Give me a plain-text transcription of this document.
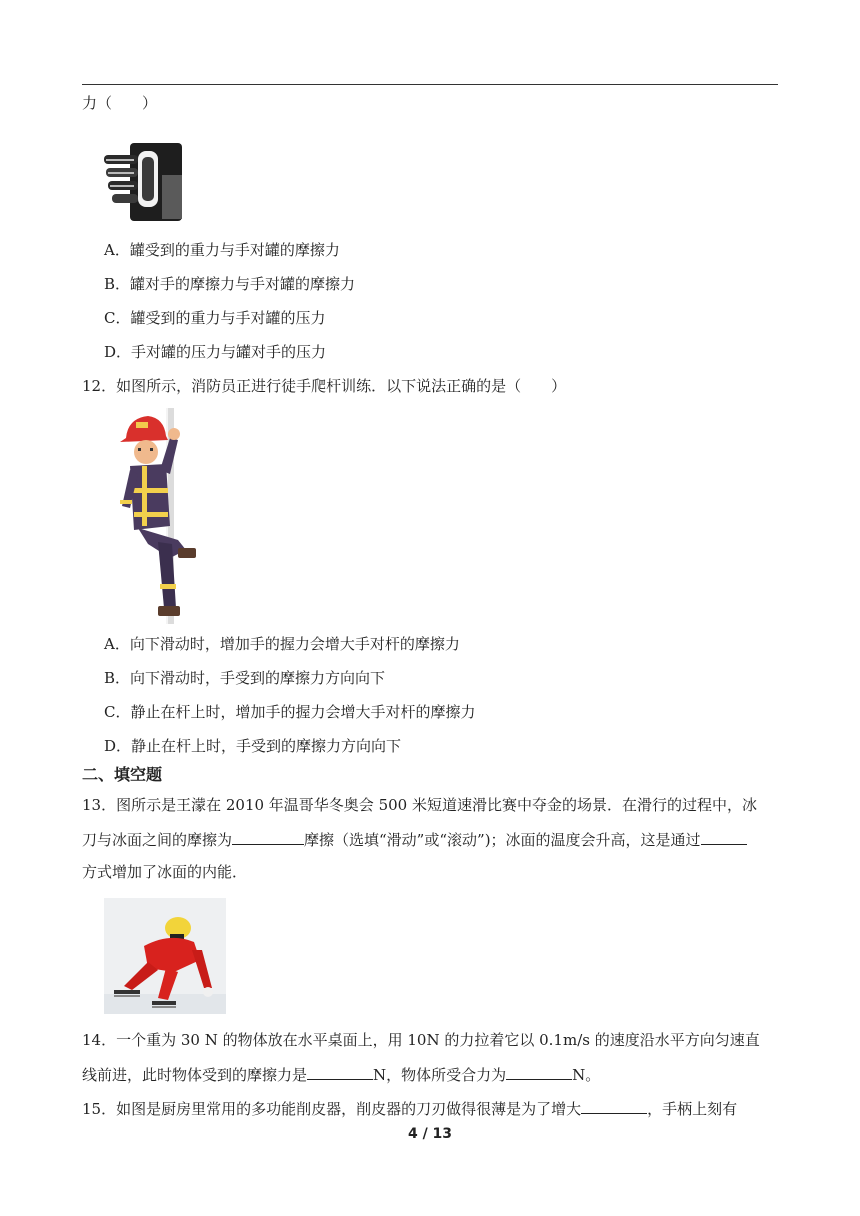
力（　　）
A．罐受到的重力与手对罐的摩擦力
B．罐对手的摩擦力与手对罐的摩擦力
C．罐受到的重力与手对罐的压力
D．手对罐的压力与罐对手的压力
12．如图所示，消防员正进行徒手爬杆训练．以下说法正确的是（　　）
A．向下滑动时，增加手的握力会增大手对杆的摩擦力
B．向下滑动时，手受到的摩擦力方向向下
C．静止在杆上时，增加手的握力会增大手对杆的摩擦力
D．静止在杆上时，手受到的摩擦力方向向下
二、填空题
13．图所示是王濛在 2010 年温哥华冬奥会 500 米短道速滑比赛中夺金的场景．在滑行的过程中，冰
刀与冰面之间的摩擦为	摩擦（选填“滑动”或“滚动”)；冰面的温度会升高，这是通过
方式增加了冰面的内能．
14．一个重为 30 N 的物体放在水平桌面上，用 10N 的力拉着它以 0.1m/s 的速度沿水平方向匀速直
线前进，此时物体受到的摩擦力是	N，物体所受合力为	N。
15．如图是厨房里常用的多功能削皮器，削皮器的刀刃做得很薄是为了增大	，手柄上刻有
4 / 13
